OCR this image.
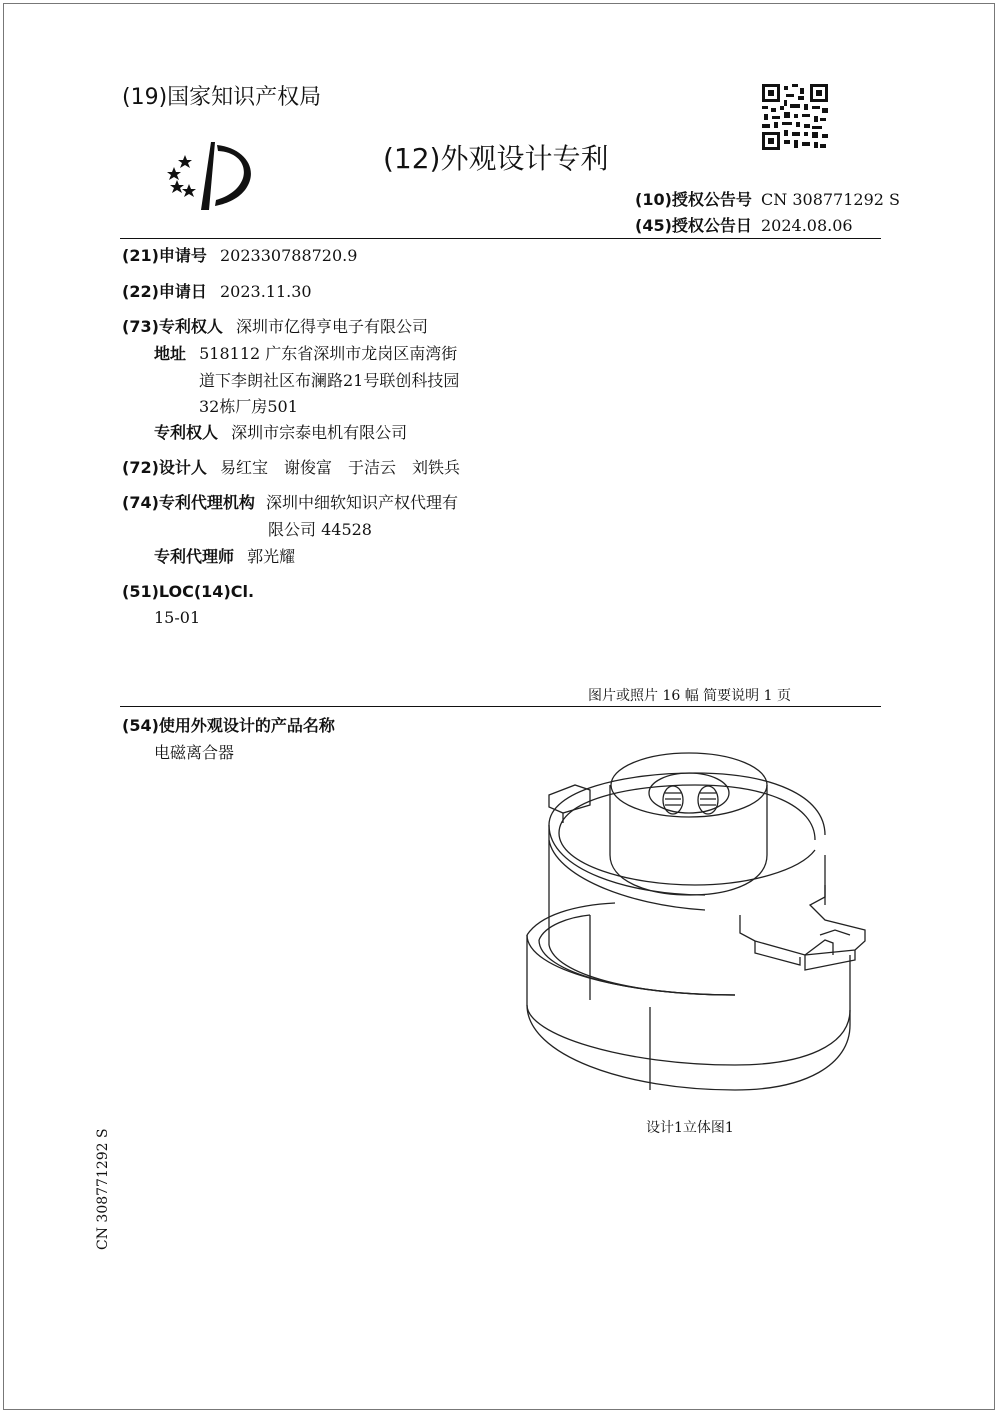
(19)国家知识产权局
(12)外观设计专利
(10)授权公告号 CN 308771292 S
(45)授权公告日 2024.08.06
(21)申请号 202330788720.9
(22)申请日 2023.11.30
(73)专利权人 深圳市亿得亨电子有限公司
地址 518112 广东省深圳市龙岗区南湾街
道下李朗社区布澜路21号联创科技园
32栋厂房501
专利权人 深圳市宗泰电机有限公司
(72)设计人 易红宝　谢俊富　于洁云　刘铁兵
(74)专利代理机构 深圳中细软知识产权代理有
限公司 44528
专利代理师 郭光耀
(51)LOC(14)Cl.
15-01
图片或照片 16 幅 简要说明 1 页
(54)使用外观设计的产品名称
电磁离合器
设计1立体图1
CN 308771292 S
